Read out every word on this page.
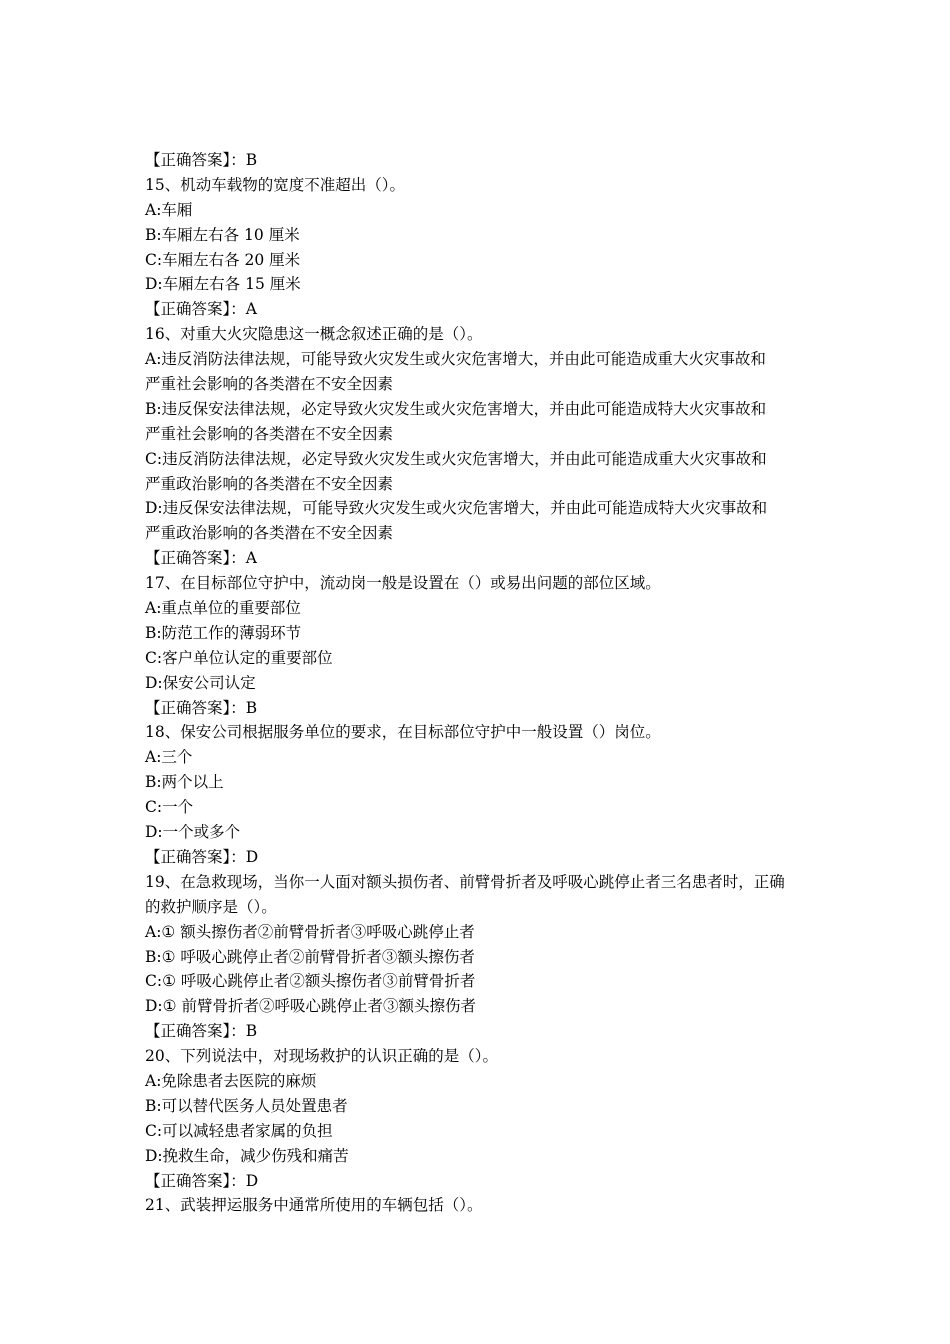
【正确答案】：B
15、机动车载物的宽度不准超出（）。
A:车厢
B:车厢左右各 10 厘米
C:车厢左右各 20 厘米
D:车厢左右各 15 厘米
【正确答案】：A
16、对重大火灾隐患这一概念叙述正确的是（）。
A:违反消防法律法规，可能导致火灾发生或火灾危害增大，并由此可能造成重大火灾事故和
严重社会影响的各类潜在不安全因素
B:违反保安法律法规，必定导致火灾发生或火灾危害增大，并由此可能造成特大火灾事故和
严重社会影响的各类潜在不安全因素
C:违反消防法律法规，必定导致火灾发生或火灾危害增大，并由此可能造成重大火灾事故和
严重政治影响的各类潜在不安全因素
D:违反保安法律法规，可能导致火灾发生或火灾危害增大，并由此可能造成特大火灾事故和
严重政治影响的各类潜在不安全因素
【正确答案】：A
17、在目标部位守护中，流动岗一般是设置在（）或易出问题的部位区域。
A:重点单位的重要部位
B:防范工作的薄弱环节
C:客户单位认定的重要部位
D:保安公司认定
【正确答案】：B
18、保安公司根据服务单位的要求，在目标部位守护中一般设置（）岗位。
A:三个
B:两个以上
C:一个
D:一个或多个
【正确答案】：D
19、在急救现场，当你一人面对额头损伤者、前臂骨折者及呼吸心跳停止者三名患者时，正确
的救护顺序是（）。
A:① 额头擦伤者②前臂骨折者③呼吸心跳停止者
B:① 呼吸心跳停止者②前臂骨折者③额头擦伤者
C:① 呼吸心跳停止者②额头擦伤者③前臂骨折者
D:① 前臂骨折者②呼吸心跳停止者③额头擦伤者
【正确答案】：B
20、下列说法中，对现场救护的认识正确的是（）。
A:免除患者去医院的麻烦
B:可以替代医务人员处置患者
C:可以减轻患者家属的负担
D:挽救生命，减少伤残和痛苦
【正确答案】：D
21、武装押运服务中通常所使用的车辆包括（）。
